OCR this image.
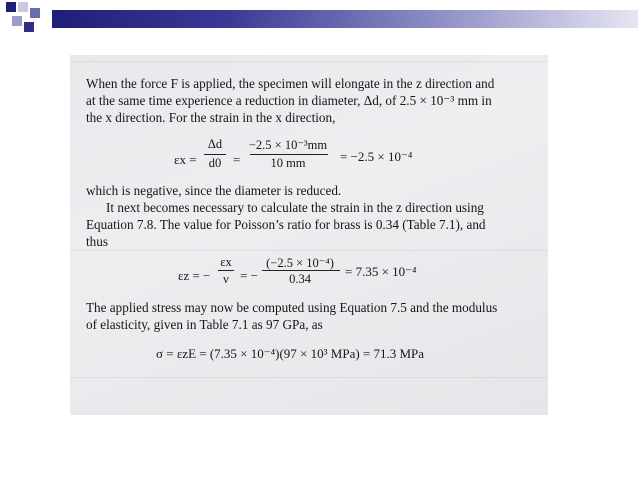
When the force F is applied, the specimen will elongate in the z direction and
at the same time experience a reduction in diameter, Δd, of 2.5 × 10⁻³ mm in
the x direction. For the strain in the x direction,
εx =
Δd
d0 =
−2.5 × 10⁻³mm
10 mm	= −2.5 × 10⁻⁴
which is negative, since the diameter is reduced.
It next becomes necessary to calculate the strain in the z direction using
Equation 7.8. The value for Poisson’s ratio for brass is 0.34 (Table 7.1), and
thus
εz = −
εx
ν = −
(−2.5 × 10⁻⁴)
0.34	= 7.35 × 10⁻⁴
The applied stress may now be computed using Equation 7.5 and the modulus
of elasticity, given in Table 7.1 as 97 GPa, as
σ = εzE = (7.35 × 10⁻⁴)(97 × 10³ MPa) = 71.3 MPa
